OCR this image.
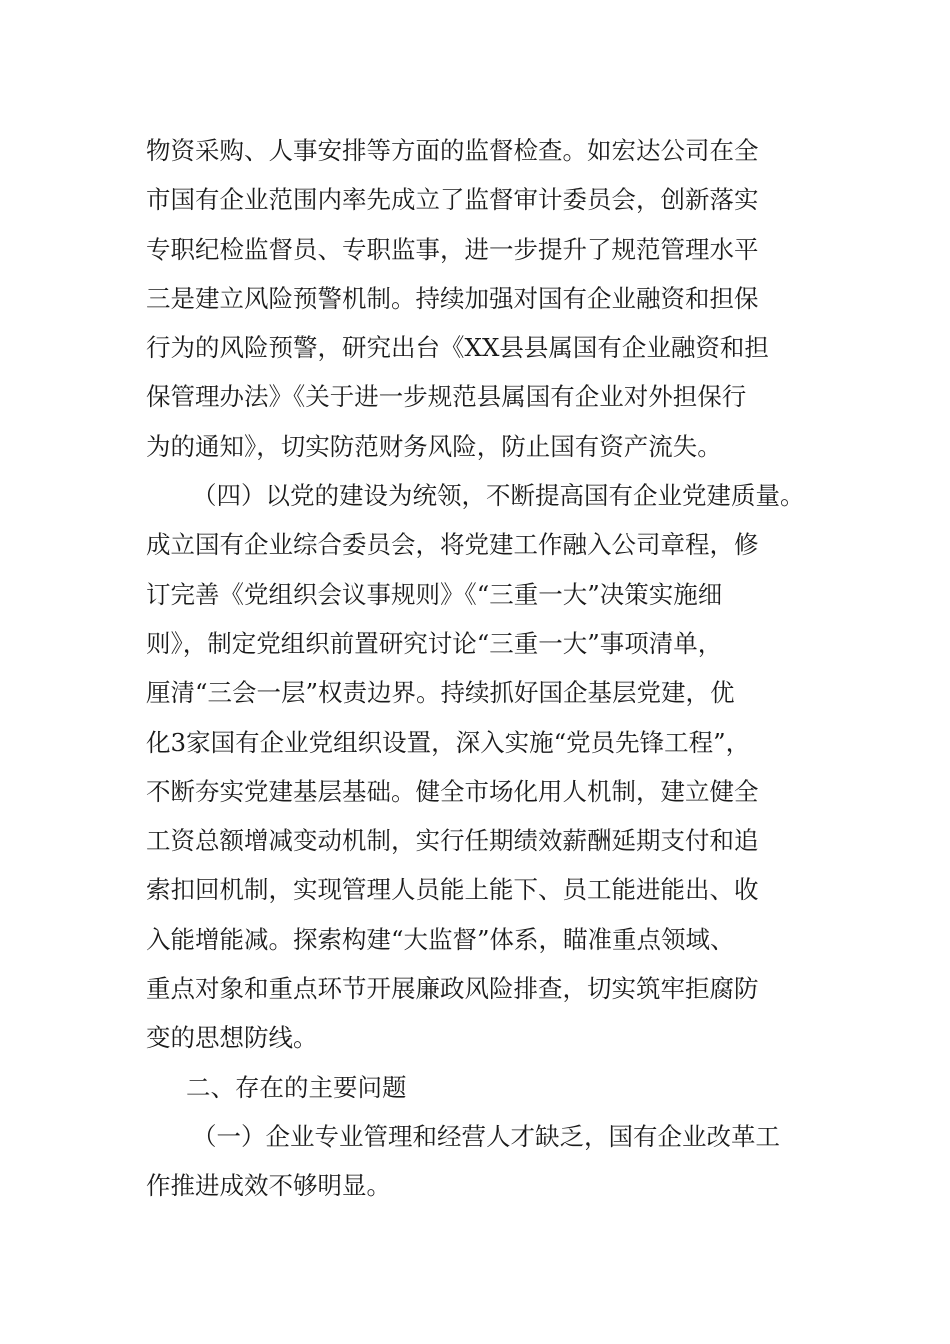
物资采购、人事安排等方面的监督检查。如宏达公司在全
市国有企业范围内率先成立了监督审计委员会，创新落实
专职纪检监督员、专职监事，进一步提升了规范管理水平
三是建立风险预警机制。持续加强对国有企业融资和担保
行为的风险预警，研究出台《XX县县属国有企业融资和担
保管理办法》《关于进一步规范县属国有企业对外担保行
为的通知》，切实防范财务风险，防止国有资产流失。
（四）以党的建设为统领，不断提高国有企业党建质量。
成立国有企业综合委员会，将党建工作融入公司章程，修
订完善《党组织会议事规则》《“三重一大”决策实施细
则》，制定党组织前置研究讨论“三重一大”事项清单，
厘清“三会一层”权责边界。持续抓好国企基层党建，优
化3家国有企业党组织设置，深入实施“党员先锋工程”，
不断夯实党建基层基础。健全市场化用人机制，建立健全
工资总额增减变动机制，实行任期绩效薪酬延期支付和追
索扣回机制，实现管理人员能上能下、员工能进能出、收
入能增能减。探索构建“大监督”体系，瞄准重点领域、
重点对象和重点环节开展廉政风险排查，切实筑牢拒腐防
变的思想防线。
二、存在的主要问题
（一）企业专业管理和经营人才缺乏，国有企业改革工
作推进成效不够明显。
